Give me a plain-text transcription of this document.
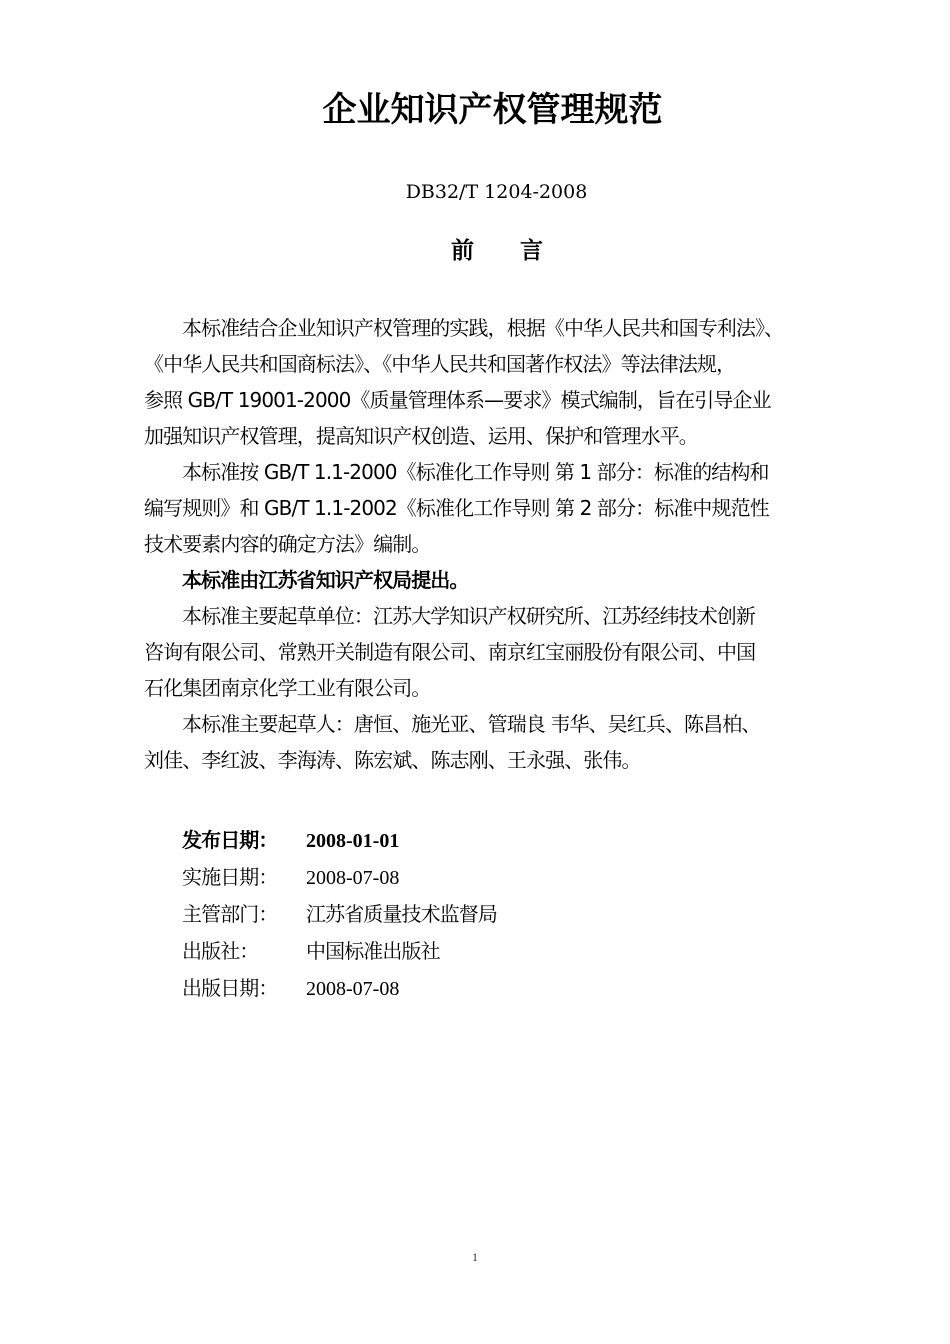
企业知识产权管理规范
DB32/T 1204-2008
前 言
本标准结合企业知识产权管理的实践，根据《中华人民共和国专利法》、
《中华人民共和国商标法》、《中华人民共和国著作权法》等法律法规，
参照 GB/T 19001-2000《质量管理体系—要求》模式编制，旨在引导企业
加强知识产权管理，提高知识产权创造、运用、保护和管理水平。
本标准按 GB/T 1.1-2000《标准化工作导则 第 1 部分：标准的结构和
编写规则》和 GB/T 1.1-2002《标准化工作导则 第 2 部分：标准中规范性
技术要素内容的确定方法》编制。
本标准由江苏省知识产权局提出。
本标准主要起草单位：江苏大学知识产权研究所、江苏经纬技术创新
咨询有限公司、常熟开关制造有限公司、南京红宝丽股份有限公司、中国
石化集团南京化学工业有限公司。
本标准主要起草人：唐恒、施光亚、管瑞良 韦华、吴红兵、陈昌柏、
刘佳、李红波、李海涛、陈宏斌、陈志刚、王永强、张伟。
发布日期： 2008-01-01
实施日期： 2008-07-08
主管部门： 江苏省质量技术监督局
出版社： 中国标准出版社
出版日期： 2008-07-08
1
